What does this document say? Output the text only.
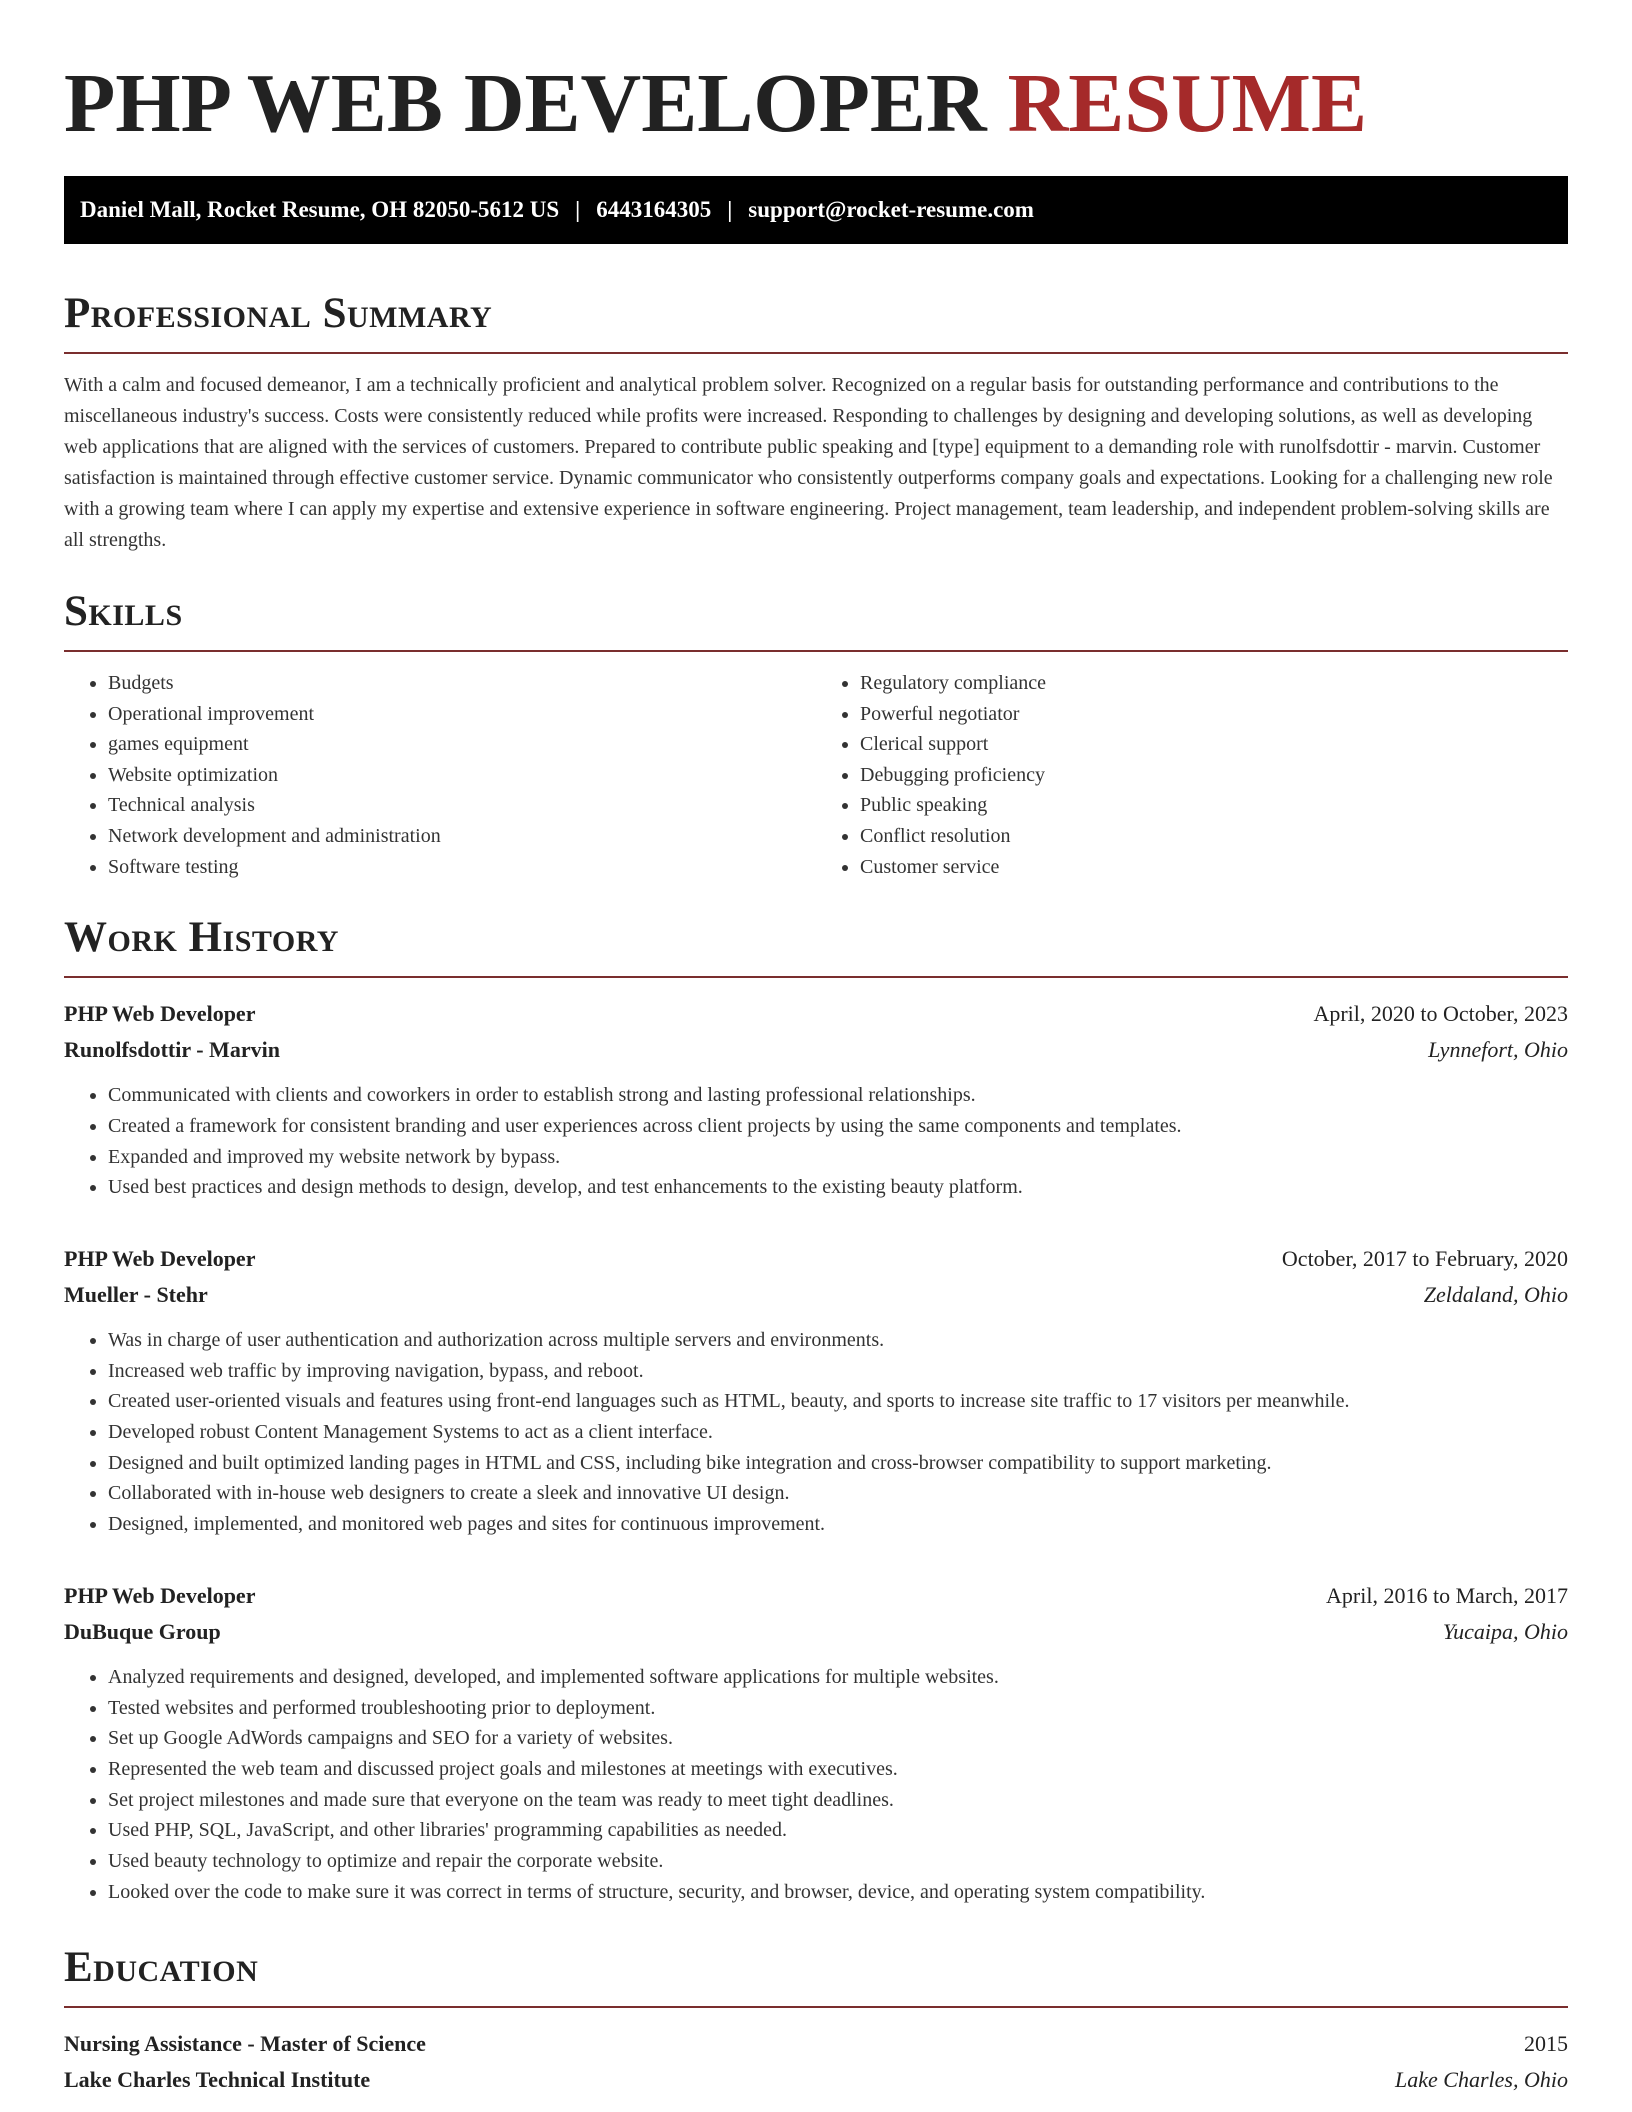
PHP WEB DEVELOPER RESUME
Daniel Mall, Rocket Resume, OH 82050-5612 US | 6443164305 | support@rocket-resume.com
Professional Summary

With a calm and focused demeanor, I am a technically proficient and analytical problem solver. Recognized on a regular basis for outstanding performance and contributions to the miscellaneous industry's success. Costs were consistently reduced while profits were increased. Responding to challenges by designing and developing solutions, as well as developing web applications that are aligned with the services of customers. Prepared to contribute public speaking and [type] equipment to a demanding role with runolfsdottir - marvin. Customer satisfaction is maintained through effective customer service. Dynamic communicator who consistently outperforms company goals and expectations. Looking for a challenging new role with a growing team where I can apply my expertise and extensive experience in software engineering. Project management, team leadership, and independent problem-solving skills are all strengths.

Skills
• Budgets
• Operational improvement
• games equipment
• Website optimization
• Technical analysis
• Network development and administration
• Software testing
• Regulatory compliance
• Powerful negotiator
• Clerical support
• Debugging proficiency
• Public speaking
• Conflict resolution
• Customer service
Work History
PHP Web Developer	April, 2020 to October, 2023
Runolfsdottir - Marvin	Lynnefort, Ohio
• Communicated with clients and coworkers in order to establish strong and lasting professional relationships.
• Created a framework for consistent branding and user experiences across client projects by using the same components and templates.
• Expanded and improved my website network by bypass.
• Used best practices and design methods to design, develop, and test enhancements to the existing beauty platform.
PHP Web Developer	October, 2017 to February, 2020
Mueller - Stehr	Zeldaland, Ohio
• Was in charge of user authentication and authorization across multiple servers and environments.
• Increased web traffic by improving navigation, bypass, and reboot.
• Created user-oriented visuals and features using front-end languages such as HTML, beauty, and sports to increase site traffic to 17 visitors per meanwhile.
• Developed robust Content Management Systems to act as a client interface.
• Designed and built optimized landing pages in HTML and CSS, including bike integration and cross-browser compatibility to support marketing.
• Collaborated with in-house web designers to create a sleek and innovative UI design.
• Designed, implemented, and monitored web pages and sites for continuous improvement.
PHP Web Developer	April, 2016 to March, 2017
DuBuque Group	Yucaipa, Ohio
• Analyzed requirements and designed, developed, and implemented software applications for multiple websites.
• Tested websites and performed troubleshooting prior to deployment.
• Set up Google AdWords campaigns and SEO for a variety of websites.
• Represented the web team and discussed project goals and milestones at meetings with executives.
• Set project milestones and made sure that everyone on the team was ready to meet tight deadlines.
• Used PHP, SQL, JavaScript, and other libraries' programming capabilities as needed.
• Used beauty technology to optimize and repair the corporate website.
• Looked over the code to make sure it was correct in terms of structure, security, and browser, device, and operating system compatibility.
Education
Nursing Assistance - Master of Science	2015
Lake Charles Technical Institute	Lake Charles, Ohio
